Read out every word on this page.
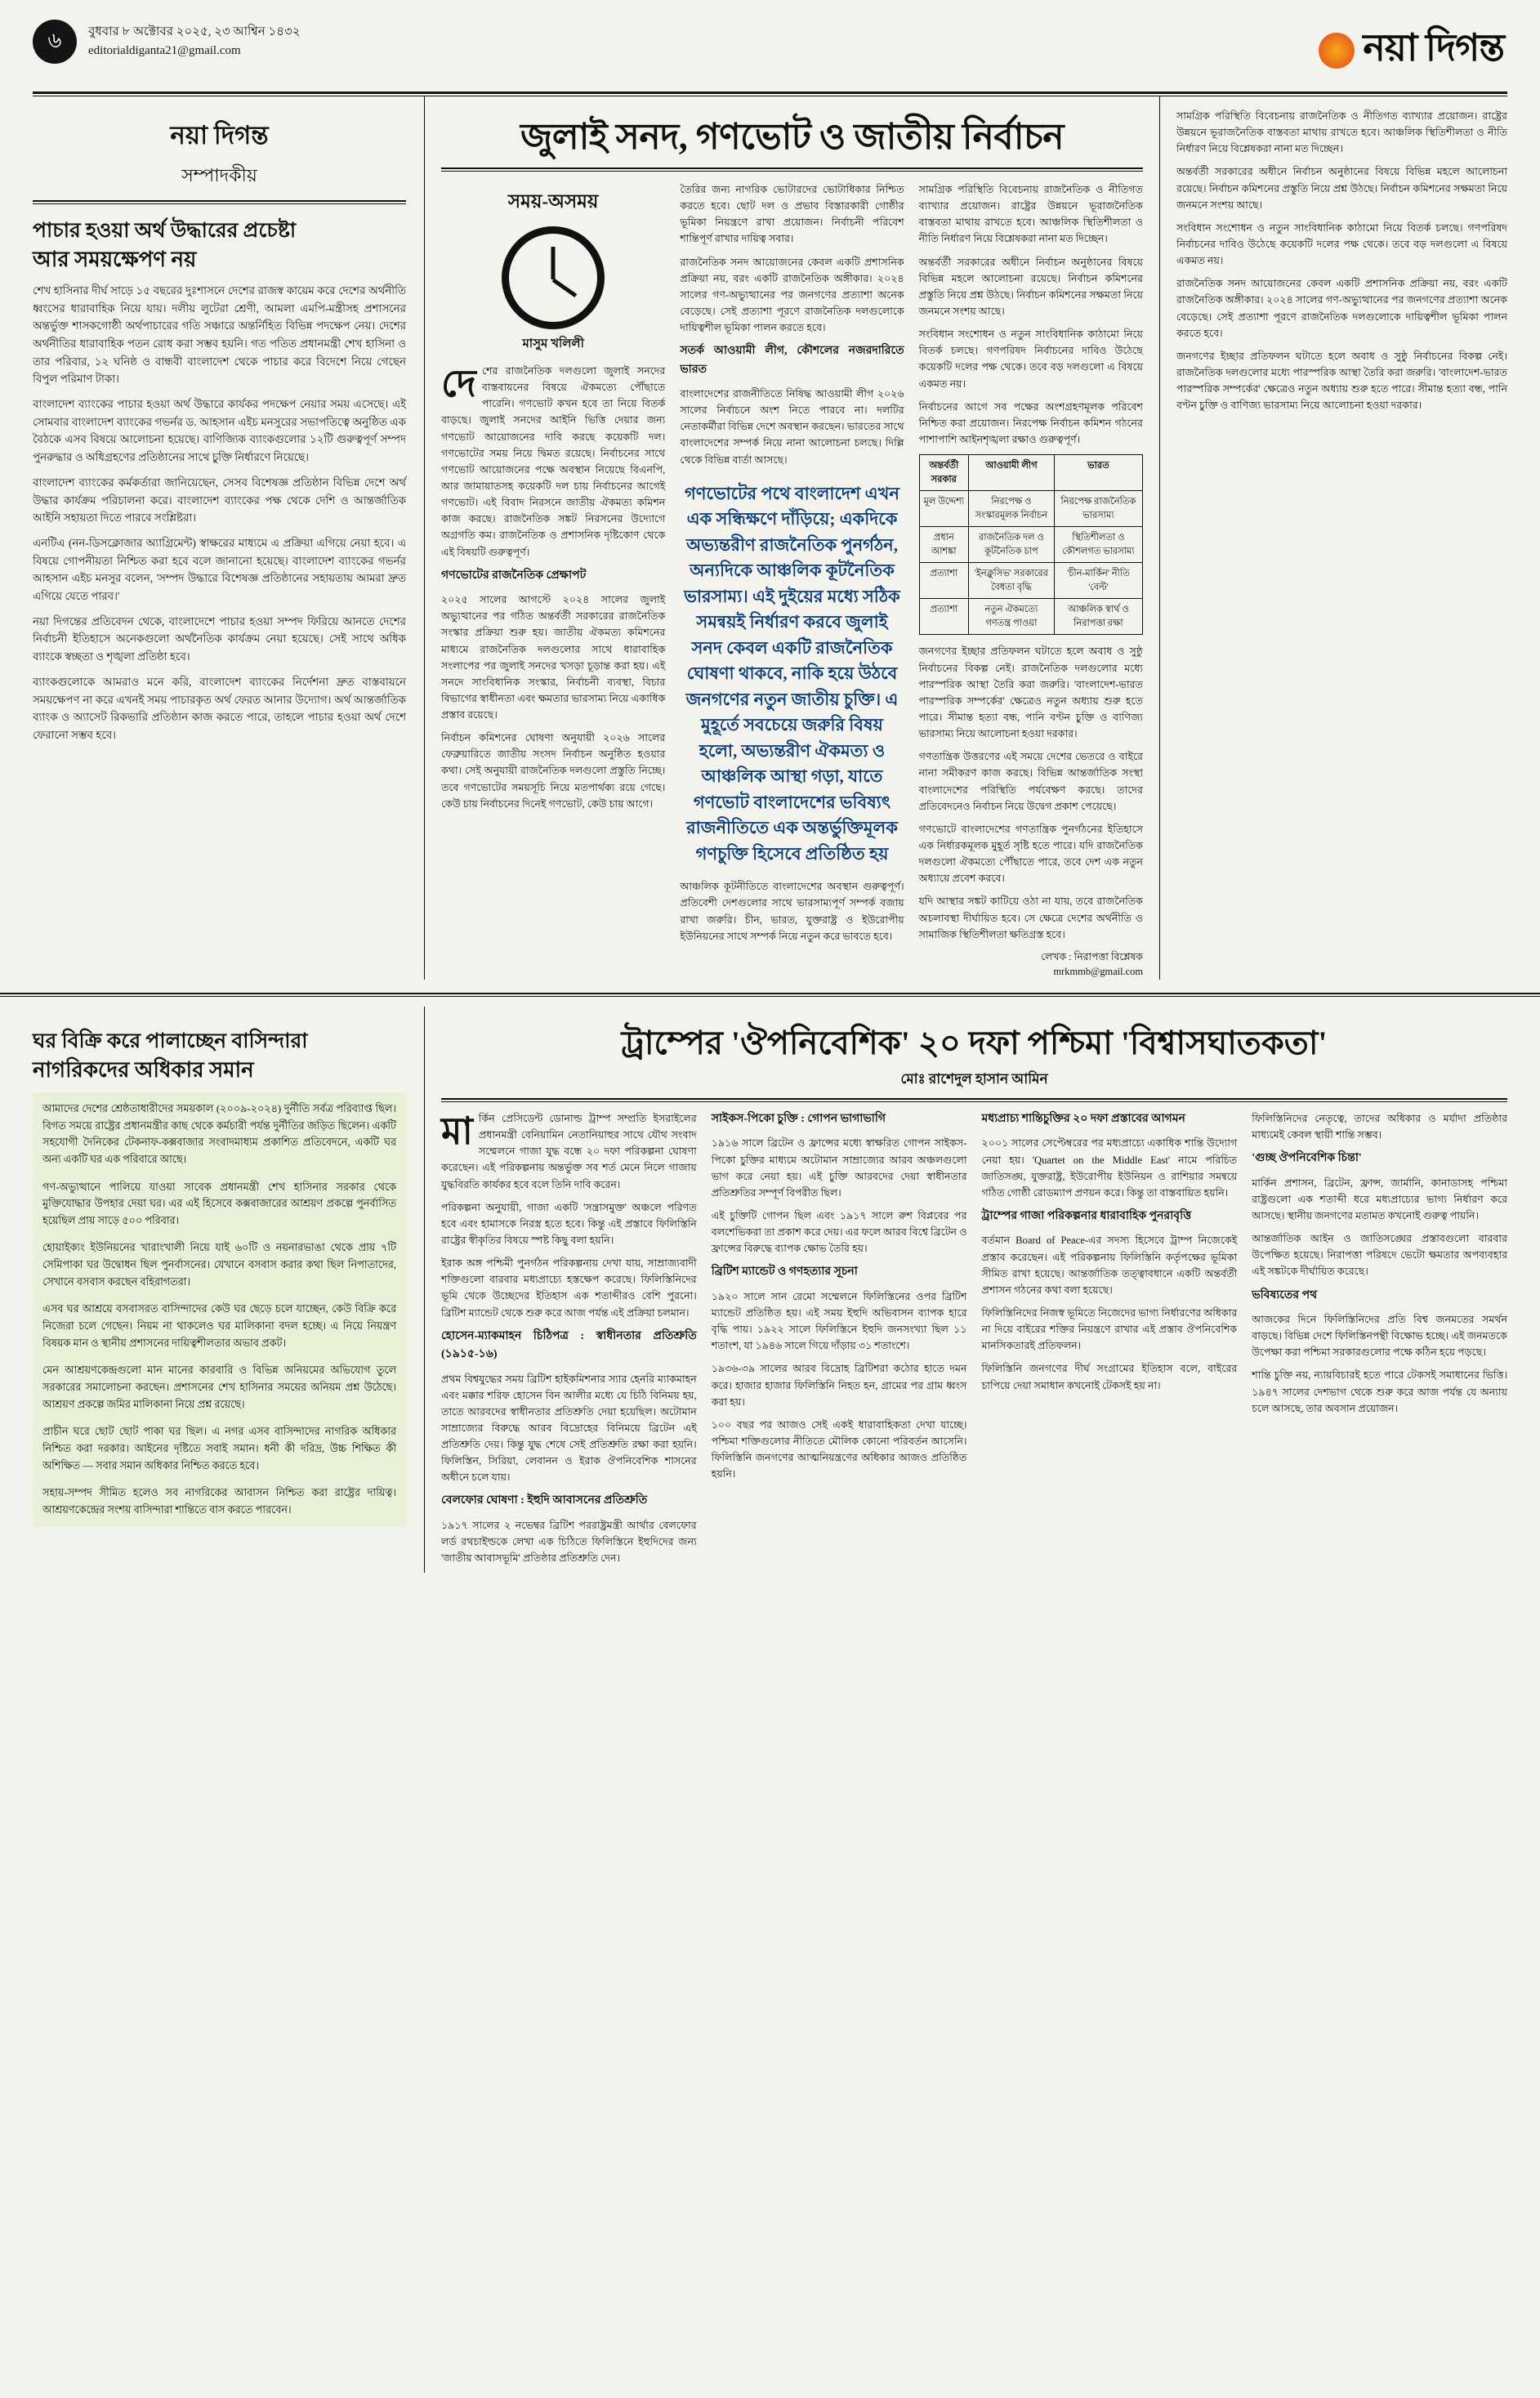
৬	বুধবার ৮ অক্টোবর ২০২৫, ২৩ আশ্বিন ১৪৩২
editorialdiganta21@gmail.com	নয়া দিগন্ত
নয়া দিগন্ত
সম্পাদকীয়
পাচার হওয়া অর্থ উদ্ধারের প্রচেষ্টা
আর সময়ক্ষেপণ নয়

শেখ হাসিনার দীর্ঘ সাড়ে ১৫ বছরের দুঃশাসনে দেশের রাজস্ব কায়েম করে দেশের অর্থনীতি ধ্বংসের ধারাবাহিক নিয়ে যায়। দলীয় লুটেরা শ্রেণী, আমলা এমপি-মন্ত্রীসহ প্রশাসনের অন্তর্ভুক্ত শাসকগোষ্ঠী অর্থপাচারের গতি সঞ্চারে অন্তর্নিহিত বিভিন্ন পদক্ষেপ নেয়। দেশের অর্থনীতির ধারাবাহিক পতন রোধ করা সম্ভব হয়নি। গত পতিত প্রধানমন্ত্রী শেখ হাসিনা ও তার পরিবার, ১২ ঘনিষ্ঠ ও বান্ধবী বাংলাদেশ থেকে পাচার করে বিদেশে নিয়ে গেছেন বিপুল পরিমাণ টাকা।

বাংলাদেশ ব্যাংকের পাচার হওয়া অর্থ উদ্ধারে কার্যকর পদক্ষেপ নেয়ার সময় এসেছে। এই সোমবার বাংলাদেশ ব্যাংকের গভর্নর ড. আহসান এইচ মনসুরের সভাপতিত্বে অনুষ্ঠিত এক বৈঠকে এসব বিষয়ে আলোচনা হয়েছে। বাণিজ্যিক ব্যাংকগুলোর ১২টি গুরুত্বপূর্ণ সম্পদ পুনরুদ্ধার ও অধিগ্রহণের প্রতিষ্ঠানের সাথে চুক্তি নির্ধারণে নিয়েছে।

বাংলাদেশ ব্যাংকের কর্মকর্তারা জানিয়েছেন, সেসব বিশেষজ্ঞ প্রতিষ্ঠান বিভিন্ন দেশে অর্থ উদ্ধার কার্যক্রম পরিচালনা করে। বাংলাদেশ ব্যাংকের পক্ষ থেকে দেশি ও আন্তর্জাতিক আইনি সহায়তা দিতে পারবে সংশ্লিষ্টরা।

এনটিএ (নন-ডিসক্লোজার অ্যাগ্রিমেন্ট) স্বাক্ষরের মাধ্যমে এ প্রক্রিয়া এগিয়ে নেয়া হবে। এ বিষয়ে গোপনীয়তা নিশ্চিত করা হবে বলে জানানো হয়েছে। বাংলাদেশ ব্যাংকের গভর্নর আহসান এইচ মনসুর বলেন, 'সম্পদ উদ্ধারে বিশেষজ্ঞ প্রতিষ্ঠানের সহায়তায় আমরা দ্রুত এগিয়ে যেতে পারব।'

নয়া দিগন্তের প্রতিবেদন থেকে, বাংলাদেশে পাচার হওয়া সম্পদ ফিরিয়ে আনতে দেশের নির্বাচনী ইতিহাসে অনেকগুলো অর্থনৈতিক কার্যক্রম নেয়া হয়েছে। সেই সাথে অধিক ব্যাংকে স্বচ্ছতা ও শৃঙ্খলা প্রতিষ্ঠা হবে।

ব্যাংকগুলোকে আমরাও মনে করি, বাংলাদেশ ব্যাংকের নির্দেশনা দ্রুত বাস্তবায়নে সময়ক্ষেপণ না করে এখনই সময় পাচারকৃত অর্থ ফেরত আনার উদ্যোগ। অর্থ আন্তর্জাতিক ব্যাংক ও অ্যাসেট রিকভারি প্রতিষ্ঠান কাজ করতে পারে, তাহলে পাচার হওয়া অর্থ দেশে ফেরানো সম্ভব হবে।

জুলাই সনদ, গণভোট ও জাতীয় নির্বাচন
সময়-অসময়
মাসুম খলিলী

দেশের রাজনৈতিক দলগুলো জুলাই সনদের বাস্তবায়নের বিষয়ে ঐকমত্যে পৌঁছাতে পারেনি। গণভোট কখন হবে তা নিয়ে বিতর্ক বাড়ছে। জুলাই সনদের আইনি ভিত্তি দেয়ার জন্য গণভোট আয়োজনের দাবি করছে কয়েকটি দল। গণভোটের সময় নিয়ে দ্বিমত রয়েছে। নির্বাচনের সাথে গণভোট আয়োজনের পক্ষে অবস্থান নিয়েছে বিএনপি, আর জামায়াতসহ কয়েকটি দল চায় নির্বাচনের আগেই গণভোট। এই বিবাদ নিরসনে জাতীয় ঐকমত্য কমিশন কাজ করছে। রাজনৈতিক সঙ্কট নিরসনের উদ্যোগে অগ্রগতি কম। রাজনৈতিক ও প্রশাসনিক দৃষ্টিকোণ থেকে এই বিষয়টি গুরুত্বপূর্ণ।

গণভোটের রাজনৈতিক প্রেক্ষাপট

২০২৫ সালের আগস্টে ২০২৪ সালের জুলাই অভ্যুত্থানের পর গঠিত অন্তর্বর্তী সরকারের রাজনৈতিক সংস্কার প্রক্রিয়া শুরু হয়। জাতীয় ঐকমত্য কমিশনের মাধ্যমে রাজনৈতিক দলগুলোর সাথে ধারাবাহিক সংলাপের পর জুলাই সনদের খসড়া চূড়ান্ত করা হয়। এই সনদে সাংবিধানিক সংস্কার, নির্বাচনী ব্যবস্থা, বিচার বিভাগের স্বাধীনতা এবং ক্ষমতার ভারসাম্য নিয়ে একাধিক প্রস্তাব রয়েছে।

নির্বাচন কমিশনের ঘোষণা অনুযায়ী ২০২৬ সালের ফেব্রুয়ারিতে জাতীয় সংসদ নির্বাচন অনুষ্ঠিত হওয়ার কথা। সেই অনুযায়ী রাজনৈতিক দলগুলো প্রস্তুতি নিচ্ছে। তবে গণভোটের সময়সূচি নিয়ে মতপার্থক্য রয়ে গেছে। কেউ চায় নির্বাচনের দিনেই গণভোট, কেউ চায় আগে।

তৈরির জন্য নাগরিক ভোটারদের ভোটাধিকার নিশ্চিত করতে হবে। ছোট দল ও প্রভাব বিস্তারকারী গোষ্ঠীর ভূমিকা নিয়ন্ত্রণে রাখা প্রয়োজন। নির্বাচনী পরিবেশ শান্তিপূর্ণ রাখার দায়িত্ব সবার।

রাজনৈতিক সনদ আয়োজনের কেবল একটি প্রশাসনিক প্রক্রিয়া নয়, বরং একটি রাজনৈতিক অঙ্গীকার। ২০২৪ সালের গণ-অভ্যুত্থানের পর জনগণের প্রত্যাশা অনেক বেড়েছে। সেই প্রত্যাশা পূরণে রাজনৈতিক দলগুলোকে দায়িত্বশীল ভূমিকা পালন করতে হবে।

সতর্ক আওয়ামী লীগ, কৌশলের নজরদারিতে ভারত

বাংলাদেশের রাজনীতিতে নিষিদ্ধ আওয়ামী লীগ ২০২৬ সালের নির্বাচনে অংশ নিতে পারবে না। দলটির নেতাকর্মীরা বিভিন্ন দেশে অবস্থান করছেন। ভারতের সাথে বাংলাদেশের সম্পর্ক নিয়ে নানা আলোচনা চলছে। দিল্লি থেকে বিভিন্ন বার্তা আসছে।

গণভোটের পথে বাংলাদেশ এখন এক সন্ধিক্ষণে দাঁড়িয়ে; একদিকে অভ্যন্তরীণ রাজনৈতিক পুনর্গঠন, অন্যদিকে আঞ্চলিক কূটনৈতিক ভারসাম্য। এই দুইয়ের মধ্যে সঠিক সমন্বয়ই নির্ধারণ করবে জুলাই সনদ কেবল একটি রাজনৈতিক ঘোষণা থাকবে, নাকি হয়ে উঠবে জনগণের নতুন জাতীয় চুক্তি। এ মুহূর্তে সবচেয়ে জরুরি বিষয় হলো, অভ্যন্তরীণ ঐকমত্য ও আঞ্চলিক আস্থা গড়া, যাতে গণভোট বাংলাদেশের ভবিষ্যৎ রাজনীতিতে এক অন্তর্ভুক্তিমূলক গণচুক্তি হিসেবে প্রতিষ্ঠিত হয়

আঞ্চলিক কূটনীতিতে বাংলাদেশের অবস্থান গুরুত্বপূর্ণ। প্রতিবেশী দেশগুলোর সাথে ভারসাম্যপূর্ণ সম্পর্ক বজায় রাখা জরুরি। চীন, ভারত, যুক্তরাষ্ট্র ও ইউরোপীয় ইউনিয়নের সাথে সম্পর্ক নিয়ে নতুন করে ভাবতে হবে।

সামগ্রিক পরিস্থিতি বিবেচনায় রাজনৈতিক ও নীতিগত ব্যাখ্যার প্রয়োজন। রাষ্ট্রের উন্নয়নে ভূরাজনৈতিক বাস্তবতা মাথায় রাখতে হবে। আঞ্চলিক স্থিতিশীলতা ও নীতি নির্ধারণ নিয়ে বিশ্লেষকরা নানা মত দিচ্ছেন।

অন্তর্বর্তী সরকারের অধীনে নির্বাচন অনুষ্ঠানের বিষয়ে বিভিন্ন মহলে আলোচনা রয়েছে। নির্বাচন কমিশনের প্রস্তুতি নিয়ে প্রশ্ন উঠছে। নির্বাচন কমিশনের সক্ষমতা নিয়ে জনমনে সংশয় আছে।

সংবিধান সংশোধন ও নতুন সাংবিধানিক কাঠামো নিয়ে বিতর্ক চলছে। গণপরিষদ নির্বাচনের দাবিও উঠেছে কয়েকটি দলের পক্ষ থেকে। তবে বড় দলগুলো এ বিষয়ে একমত নয়।

নির্বাচনের আগে সব পক্ষের অংশগ্রহণমূলক পরিবেশ নিশ্চিত করা প্রয়োজন। নিরপেক্ষ নির্বাচন কমিশন গঠনের পাশাপাশি আইনশৃঙ্খলা রক্ষাও গুরুত্বপূর্ণ।

অন্তর্বর্তী সরকার	আওয়ামী লীগ	ভারত
মূল উদ্দেশ্য	নিরপেক্ষ ও সংস্কারমূলক নির্বাচন	নিরপেক্ষ রাজনৈতিক ভারসাম্য
প্রধান আশঙ্কা	রাজনৈতিক দল ও কূটনৈতিক চাপ	স্থিতিশীলতা ও কৌশলগত ভারসাম্য
প্রত্যাশা	'ইনক্লুসিভ' সরকারের বৈধতা বৃদ্ধি	'চীন-মার্কিন' নীতি 'বেল্ট'
প্রত্যাশা	নতুন ঐকমত্যে গণতন্ত্র পাওয়া	আঞ্চলিক স্বার্থ ও নিরাপত্তা রক্ষা

জনগণের ইচ্ছার প্রতিফলন ঘটাতে হলে অবাধ ও সুষ্ঠু নির্বাচনের বিকল্প নেই। রাজনৈতিক দলগুলোর মধ্যে পারস্পরিক আস্থা তৈরি করা জরুরি। 'বাংলাদেশ-ভারত পারস্পরিক সম্পর্কের' ক্ষেত্রেও নতুন অধ্যায় শুরু হতে পারে। সীমান্ত হত্যা বন্ধ, পানি বণ্টন চুক্তি ও বাণিজ্য ভারসাম্য নিয়ে আলোচনা হওয়া দরকার।

গণতান্ত্রিক উত্তরণের এই সময়ে দেশের ভেতরে ও বাইরে নানা সমীকরণ কাজ করছে। বিভিন্ন আন্তর্জাতিক সংস্থা বাংলাদেশের পরিস্থিতি পর্যবেক্ষণ করছে। তাদের প্রতিবেদনেও নির্বাচন নিয়ে উদ্বেগ প্রকাশ পেয়েছে।

গণভোটে বাংলাদেশের গণতান্ত্রিক পুনর্গঠনের ইতিহাসে এক নির্ধারকমূলক মুহূর্ত সৃষ্টি হতে পারে। যদি রাজনৈতিক দলগুলো ঐকমত্যে পৌঁছাতে পারে, তবে দেশ এক নতুন অধ্যায়ে প্রবেশ করবে।

যদি আস্থার সঙ্কট কাটিয়ে ওঠা না যায়, তবে রাজনৈতিক অচলাবস্থা দীর্ঘায়িত হবে। সে ক্ষেত্রে দেশের অর্থনীতি ও সামাজিক স্থিতিশীলতা ক্ষতিগ্রস্ত হবে।

লেখক : নিরাপত্তা বিশ্লেষক
mrkmmb@gmail.com

সামগ্রিক পরিস্থিতি বিবেচনায় রাজনৈতিক ও নীতিগত ব্যাখ্যার প্রয়োজন। রাষ্ট্রের উন্নয়নে ভূরাজনৈতিক বাস্তবতা মাথায় রাখতে হবে। আঞ্চলিক স্থিতিশীলতা ও নীতি নির্ধারণ নিয়ে বিশ্লেষকরা নানা মত দিচ্ছেন।

অন্তর্বর্তী সরকারের অধীনে নির্বাচন অনুষ্ঠানের বিষয়ে বিভিন্ন মহলে আলোচনা রয়েছে। নির্বাচন কমিশনের প্রস্তুতি নিয়ে প্রশ্ন উঠছে। নির্বাচন কমিশনের সক্ষমতা নিয়ে জনমনে সংশয় আছে।

সংবিধান সংশোধন ও নতুন সাংবিধানিক কাঠামো নিয়ে বিতর্ক চলছে। গণপরিষদ নির্বাচনের দাবিও উঠেছে কয়েকটি দলের পক্ষ থেকে। তবে বড় দলগুলো এ বিষয়ে একমত নয়।

রাজনৈতিক সনদ আয়োজনের কেবল একটি প্রশাসনিক প্রক্রিয়া নয়, বরং একটি রাজনৈতিক অঙ্গীকার। ২০২৪ সালের গণ-অভ্যুত্থানের পর জনগণের প্রত্যাশা অনেক বেড়েছে। সেই প্রত্যাশা পূরণে রাজনৈতিক দলগুলোকে দায়িত্বশীল ভূমিকা পালন করতে হবে।

জনগণের ইচ্ছার প্রতিফলন ঘটাতে হলে অবাধ ও সুষ্ঠু নির্বাচনের বিকল্প নেই। রাজনৈতিক দলগুলোর মধ্যে পারস্পরিক আস্থা তৈরি করা জরুরি। 'বাংলাদেশ-ভারত পারস্পরিক সম্পর্কের' ক্ষেত্রেও নতুন অধ্যায় শুরু হতে পারে। সীমান্ত হত্যা বন্ধ, পানি বণ্টন চুক্তি ও বাণিজ্য ভারসাম্য নিয়ে আলোচনা হওয়া দরকার।

ঘর বিক্রি করে পালাচ্ছেন বাসিন্দারা
নাগরিকদের অধিকার সমান

আমাদের দেশের শ্রেষ্ঠতাধারীদের সময়কাল (২০০৯-২০২৪) দুর্নীতি সর্বত্র পরিব্যাপ্ত ছিল। বিগত সময়ে রাষ্ট্রের প্রধানমন্ত্রীর কাছ থেকে কর্মচারী পর্যন্ত দুর্নীতির জড়িত ছিলেন। একটি সহযোগী দৈনিকের টেকনাফ-কক্সবাজার সংবাদমাধ্যম প্রকাশিত প্রতিবেদনে, একটি ঘর অন্য একটি ঘর এক পরিবারে আছে।

গণ-অভ্যুত্থানে পালিয়ে যাওয়া সাবেক প্রধানমন্ত্রী শেখ হাসিনার সরকার থেকে মুক্তিযোদ্ধার উপহার দেয়া ঘর। এর এই হিসেবে কক্সবাজারের আশ্রয়ণ প্রকল্পে পুনর্বাসিত হয়েছিল প্রায় সাড়ে ৫০০ পরিবার।

হোয়াইক্যং ইউনিয়নের খারাংখালী নিয়ে যাই ৬০টি ও নয়নারভাঙা থেকে প্রায় ৭টি সেমিপাকা ঘর উদ্বোধন ছিল পুনর্বাসনের। যেখানে বসবাস করার কথা ছিল নিপাতাদের, সেখানে বসবাস করছেন বহিরাগতরা।

এসব ঘর আশ্রয়ে বসবাসরত বাসিন্দাদের কেউ ঘর ছেড়ে চলে যাচ্ছেন, কেউ বিক্রি করে নিজেরা চলে গেছেন। নিয়ম না থাকলেও ঘর মালিকানা বদল হচ্ছে। এ নিয়ে নিয়ন্ত্রণ বিষয়ক মান ও স্থানীয় প্রশাসনের দায়িত্বশীলতার অভাব প্রকট।

মেন আশ্রয়ণকেন্দ্রগুলো মান মানের কারবারি ও বিভিন্ন অনিয়মের অভিযোগ তুলে সরকারের সমালোচনা করছেন। প্রশাসনের শেখ হাসিনার সময়ের অনিয়ম প্রশ্ন উঠেছে। আশ্রয়ণ প্রকল্পে জমির মালিকানা নিয়ে প্রশ্ন রয়েছে।

প্রাচীন ঘরে ছোট ছোট পাকা ঘর ছিল। এ নগর এসব বাসিন্দাদের নাগরিক অধিকার নিশ্চিত করা দরকার। আইনের দৃষ্টিতে সবাই সমান। ধনী কী দরিদ্র, উচ্চ শিক্ষিত কী অশিক্ষিত — সবার সমান অধিকার নিশ্চিত করতে হবে।

সহায়-সম্পদ সীমিত হলেও সব নাগরিকের আবাসন নিশ্চিত করা রাষ্ট্রের দায়িত্ব। আশ্রয়ণকেন্দ্রের সংশয় বাসিন্দারা শান্তিতে বাস করতে পারবেন।

ট্রাম্পের 'ঔপনিবেশিক' ২০ দফা পশ্চিমা 'বিশ্বাসঘাতকতা'
মোঃ রাশেদুল হাসান আমিন

মার্কিন প্রেসিডেন্ট ডোনাল্ড ট্রাম্প সম্প্রতি ইসরাইলের প্রধানমন্ত্রী বেনিয়ামিন নেতানিয়াহুর সাথে যৌথ সংবাদ সম্মেলনে গাজা যুদ্ধ বন্ধে ২০ দফা পরিকল্পনা ঘোষণা করেছেন। এই পরিকল্পনায় অন্তর্ভুক্ত সব শর্ত মেনে নিলে গাজায় যুদ্ধবিরতি কার্যকর হবে বলে তিনি দাবি করেন।

পরিকল্পনা অনুযায়ী, গাজা একটি 'সন্ত্রাসমুক্ত' অঞ্চলে পরিণত হবে এবং হামাসকে নিরস্ত্র হতে হবে। কিন্তু এই প্রস্তাবে ফিলিস্তিনি রাষ্ট্রের স্বীকৃতির বিষয়ে স্পষ্ট কিছু বলা হয়নি।

ইরাক অঙ্গ পশ্চিমী পুনর্গঠন পরিকল্পনায় দেখা যায়, সাম্রাজ্যবাদী শক্তিগুলো বারবার মধ্যপ্রাচ্যে হস্তক্ষেপ করেছে। ফিলিস্তিনিদের ভূমি থেকে উচ্ছেদের ইতিহাস এক শতাব্দীরও বেশি পুরনো। ব্রিটিশ ম্যান্ডেট থেকে শুরু করে আজ পর্যন্ত এই প্রক্রিয়া চলমান।

হোসেন-ম্যাকমাহন চিঠিপত্র : স্বাধীনতার প্রতিশ্রুতি (১৯১৫-১৬)

প্রথম বিশ্বযুদ্ধের সময় ব্রিটিশ হাইকমিশনার স্যার হেনরি ম্যাকমাহন এবং মক্কার শরিফ হোসেন বিন আলীর মধ্যে যে চিঠি বিনিময় হয়, তাতে আরবদের স্বাধীনতার প্রতিশ্রুতি দেয়া হয়েছিল। অটোমান সাম্রাজ্যের বিরুদ্ধে আরব বিদ্রোহের বিনিময়ে ব্রিটেন এই প্রতিশ্রুতি দেয়। কিন্তু যুদ্ধ শেষে সেই প্রতিশ্রুতি রক্ষা করা হয়নি। ফিলিস্তিন, সিরিয়া, লেবানন ও ইরাক ঔপনিবেশিক শাসনের অধীনে চলে যায়।

বেলফোর ঘোষণা : ইহুদি আবাসনের প্রতিশ্রুতি

১৯১৭ সালের ২ নভেম্বর ব্রিটিশ পররাষ্ট্রমন্ত্রী আর্থার বেলফোর লর্ড রথচাইল্ডকে লেখা এক চিঠিতে ফিলিস্তিনে ইহুদিদের জন্য 'জাতীয় আবাসভূমি' প্রতিষ্ঠার প্রতিশ্রুতি দেন।

সাইকস-পিকো চুক্তি : গোপন ভাগাভাগি

১৯১৬ সালে ব্রিটেন ও ফ্রান্সের মধ্যে স্বাক্ষরিত গোপন সাইকস-পিকো চুক্তির মাধ্যমে অটোমান সাম্রাজ্যের আরব অঞ্চলগুলো ভাগ করে নেয়া হয়। এই চুক্তি আরবদের দেয়া স্বাধীনতার প্রতিশ্রুতির সম্পূর্ণ বিপরীত ছিল।

এই চুক্তিটি গোপন ছিল এবং ১৯১৭ সালে রুশ বিপ্লবের পর বলশেভিকরা তা প্রকাশ করে দেয়। এর ফলে আরব বিশ্বে ব্রিটেন ও ফ্রান্সের বিরুদ্ধে ব্যাপক ক্ষোভ তৈরি হয়।

ব্রিটিশ ম্যান্ডেট ও গণহত্যার সূচনা

১৯২০ সালে সান রেমো সম্মেলনে ফিলিস্তিনের ওপর ব্রিটিশ ম্যান্ডেট প্রতিষ্ঠিত হয়। এই সময় ইহুদি অভিবাসন ব্যাপক হারে বৃদ্ধি পায়। ১৯২২ সালে ফিলিস্তিনে ইহুদি জনসংখ্যা ছিল ১১ শতাংশ, যা ১৯৪৬ সালে গিয়ে দাঁড়ায় ৩১ শতাংশে।

১৯৩৬-৩৯ সালের আরব বিদ্রোহ ব্রিটিশরা কঠোর হাতে দমন করে। হাজার হাজার ফিলিস্তিনি নিহত হন, গ্রামের পর গ্রাম ধ্বংস করা হয়।

১০০ বছর পর আজও সেই একই ধারাবাহিকতা দেখা যাচ্ছে। পশ্চিমা শক্তিগুলোর নীতিতে মৌলিক কোনো পরিবর্তন আসেনি। ফিলিস্তিনি জনগণের আত্মনিয়ন্ত্রণের অধিকার আজও প্রতিষ্ঠিত হয়নি।

মধ্যপ্রাচ্য শান্তিচুক্তির ২০ দফা প্রস্তাবের আগমন

২০০১ সালের সেপ্টেম্বরের পর মধ্যপ্রাচ্যে একাধিক শান্তি উদ্যোগ নেয়া হয়। 'Quartet on the Middle East' নামে পরিচিত জাতিসঙ্ঘ, যুক্তরাষ্ট্র, ইউরোপীয় ইউনিয়ন ও রাশিয়ার সমন্বয়ে গঠিত গোষ্ঠী রোডম্যাপ প্রণয়ন করে। কিন্তু তা বাস্তবায়িত হয়নি।

ট্রাম্পের গাজা পরিকল্পনার ধারাবাহিক পুনরাবৃত্তি

বর্তমান Board of Peace-এর সদস্য হিসেবে ট্রাম্প নিজেকেই প্রস্তাব করেছেন। এই পরিকল্পনায় ফিলিস্তিনি কর্তৃপক্ষের ভূমিকা সীমিত রাখা হয়েছে। আন্তর্জাতিক তত্ত্বাবধানে একটি অন্তর্বর্তী প্রশাসন গঠনের কথা বলা হয়েছে।

ফিলিস্তিনিদের নিজস্ব ভূমিতে নিজেদের ভাগ্য নির্ধারণের অধিকার না দিয়ে বাইরের শক্তির নিয়ন্ত্রণে রাখার এই প্রস্তাব ঔপনিবেশিক মানসিকতারই প্রতিফলন।

ফিলিস্তিনি জনগণের দীর্ঘ সংগ্রামের ইতিহাস বলে, বাইরের চাপিয়ে দেয়া সমাধান কখনোই টেকসই হয় না।

ফিলিস্তিনিদের নেতৃত্বে, তাদের অধিকার ও মর্যাদা প্রতিষ্ঠার মাধ্যমেই কেবল স্থায়ী শান্তি সম্ভব।

'গুচ্ছ ঔপনিবেশিক চিন্তা'

মার্কিন প্রশাসন, ব্রিটেন, ফ্রান্স, জার্মানি, কানাডাসহ পশ্চিমা রাষ্ট্রগুলো এক শতাব্দী ধরে মধ্যপ্রাচ্যের ভাগ্য নির্ধারণ করে আসছে। স্থানীয় জনগণের মতামত কখনোই গুরুত্ব পায়নি।

আন্তর্জাতিক আইন ও জাতিসঙ্ঘের প্রস্তাবগুলো বারবার উপেক্ষিত হয়েছে। নিরাপত্তা পরিষদে ভেটো ক্ষমতার অপব্যবহার এই সঙ্কটকে দীর্ঘায়িত করেছে।

ভবিষ্যতের পথ

আজকের দিনে ফিলিস্তিনিদের প্রতি বিশ্ব জনমতের সমর্থন বাড়ছে। বিভিন্ন দেশে ফিলিস্তিনপন্থী বিক্ষোভ হচ্ছে। এই জনমতকে উপেক্ষা করা পশ্চিমা সরকারগুলোর পক্ষে কঠিন হয়ে পড়ছে।

শান্তি চুক্তি নয়, ন্যায়বিচারই হতে পারে টেকসই সমাধানের ভিত্তি। ১৯৪৭ সালের দেশভাগ থেকে শুরু করে আজ পর্যন্ত যে অন্যায় চলে আসছে, তার অবসান প্রয়োজন।
